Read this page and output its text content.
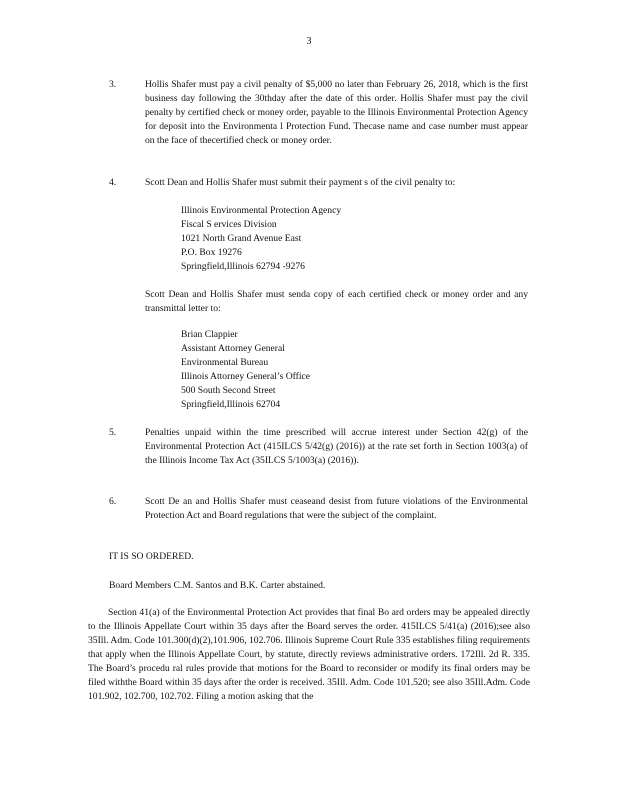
3
3.	Hollis Shafer must pay a civil penalty of $5,000 no later than February 26, 2018, which is the first business day following the 30thday after the date of this order. Hollis Shafer must pay the civil penalty by certified check or money order, payable to the Illinois Environmental Protection Agency for deposit into the Environmenta l Protection Fund. Thecase name and case number must appear on the face of thecertified check or money order.
4.	Scott Dean and Hollis Shafer must submit their payment s of the civil penalty to:
Illinois Environmental Protection Agency
Fiscal S ervices Division
1021 North Grand Avenue East
P.O. Box 19276
Springfield,Illinois 62794 -9276
Scott Dean and Hollis Shafer must senda copy of each certified check or money order and any transmittal letter to:
Brian Clappier
Assistant Attorney General
Environmental Bureau
Illinois Attorney General’s Office
500 South Second Street
Springfield,Illinois 62704
5.	Penalties unpaid within the time prescribed will accrue interest under Section 42(g) of the Environmental Protection Act (415ILCS 5/42(g) (2016)) at the rate set forth in Section 1003(a) of the Illinois Income Tax Act (35ILCS 5/1003(a) (2016)).
6.	Scott De an and Hollis Shafer must ceaseand desist from future violations of the Environmental Protection Act and Board regulations that were the subject of the complaint.
IT IS SO ORDERED.
Board Members C.M. Santos and B.K. Carter abstained.
Section 41(a) of the Environmental Protection Act provides that final Bo ard orders may be appealed directly to the Illinois Appellate Court within 35 days after the Board serves the order. 415ILCS 5/41(a) (2016);see also 35Ill. Adm. Code 101.300(d)(2),101.906, 102.706. Illinois Supreme Court Rule 335 establishes filing requirements that apply when the Illinois Appellate Court, by statute, directly reviews administrative orders. 172Ill. 2d R. 335. The Board’s procedu ral rules provide that motions for the Board to reconsider or modify its final orders may be filed withthe Board within 35 days after the order is received. 35Ill. Adm. Code 101.520; see also 35Ill.Adm. Code 101.902, 102.700, 102.702. Filing a motion asking that the
